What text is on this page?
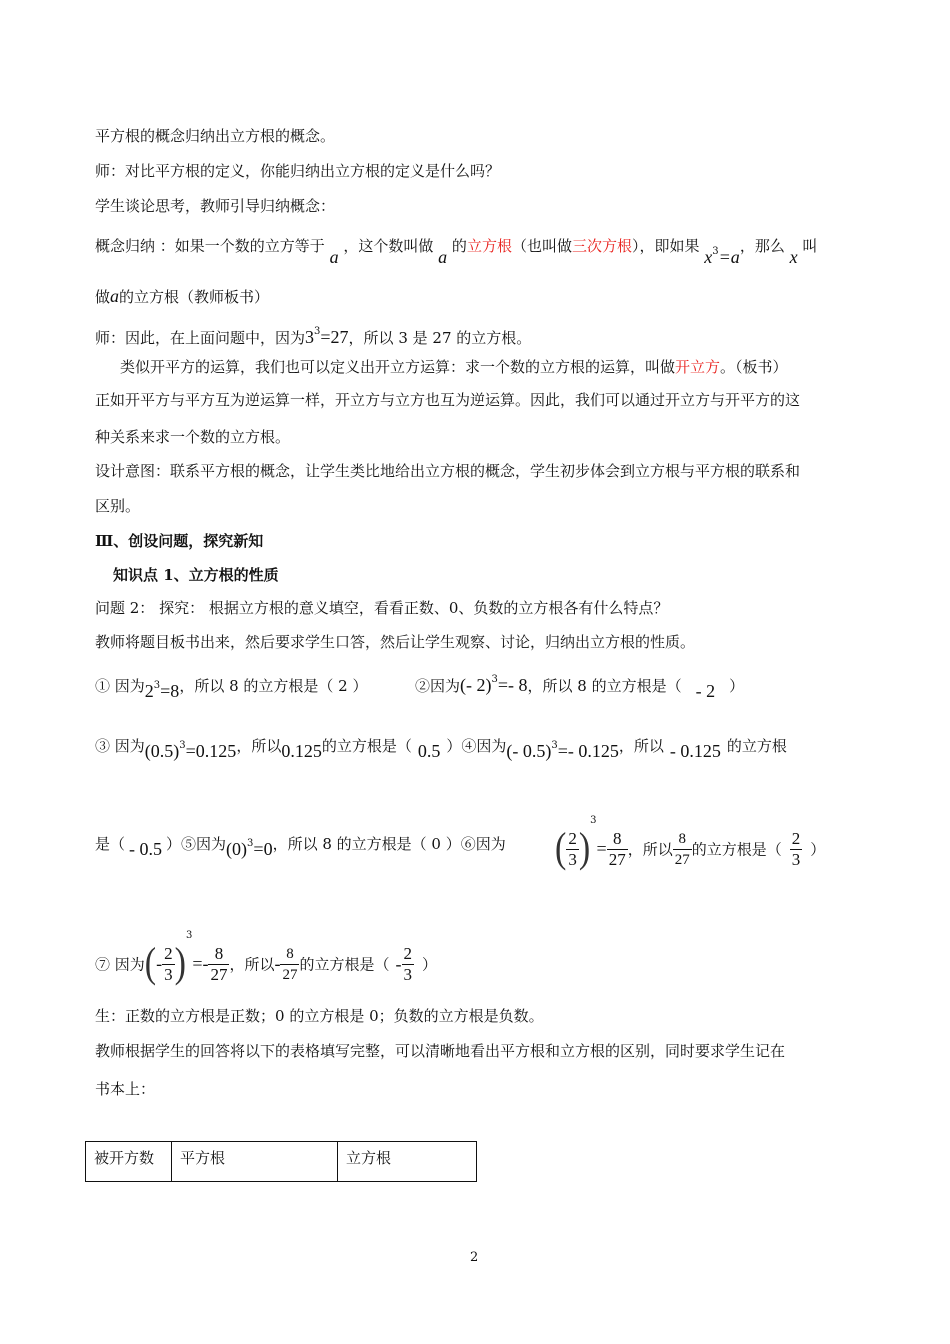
平方根的概念归纳出立方根的概念。
师：对比平方根的定义，你能归纳出立方根的定义是什么吗？
学生谈论思考，教师引导归纳概念：
概念归纳 ：如果一个数的立方等于 a ，这个数叫做 a 的立方根（也叫做三次方根），即如果 $x^3=a$，那么 x 叫
做a的立方根（教师板书）
师：因此，在上面问题中，因为$3^3=27$，所以 3 是 27 的立方根。
类似开平方的运算，我们也可以定义出开立方运算：求一个数的立方根的运算，叫做开立方。（板书）
正如开平方与平方互为逆运算一样，开立方与立方也互为逆运算。因此，我们可以通过开立方与开平方的这
种关系来求一个数的立方根。
设计意图：联系平方根的概念，让学生类比地给出立方根的概念，学生初步体会到立方根与平方根的联系和
区别。
Ⅲ、创设问题，探究新知
知识点 1、立方根的性质
问题 2： 探究： 根据立方根的意义填空，看看正数、0、负数的立方根各有什么特点？
教师将题目板书出来，然后要求学生口答，然后让学生观察、讨论，归纳出立方根的性质。
① 因为$2^3=8$，所以 8 的立方根是（ 2 ）	②因为(- 2)$^3$=- 8，所以 8 的立方根是（ - 2 ）
③ 因为$(0.5)^3=0.125$，所以0.125的立方根是（ 0.5 ）④因为(- 0.5)$^3$=- 0.125，所以 - 0.125 的立方根
是（ - 0.5 ）⑤因为$(0)^3=0$，所以 8 的立方根是（ 0 ）⑥因为 ( $\frac{2}{3} )^3= \frac{8}{27}$ ，所以 $\frac{8}{27}$ 的立方根是（ $\frac{2}{3}$ ）
⑦ 因为(- $\frac{2}{3} )^3=- \frac{8}{27}$ ，所以- $\frac{8}{27}$ 的立方根是（ - $\frac{2}{3}$ ）
生：正数的立方根是正数；0 的立方根是 0；负数的立方根是负数。
教师根据学生的回答将以下的表格填写完整，可以清晰地看出平方根和立方根的区别，同时要求学生记在
书本上：
被开方数	平方根	立方根
2
